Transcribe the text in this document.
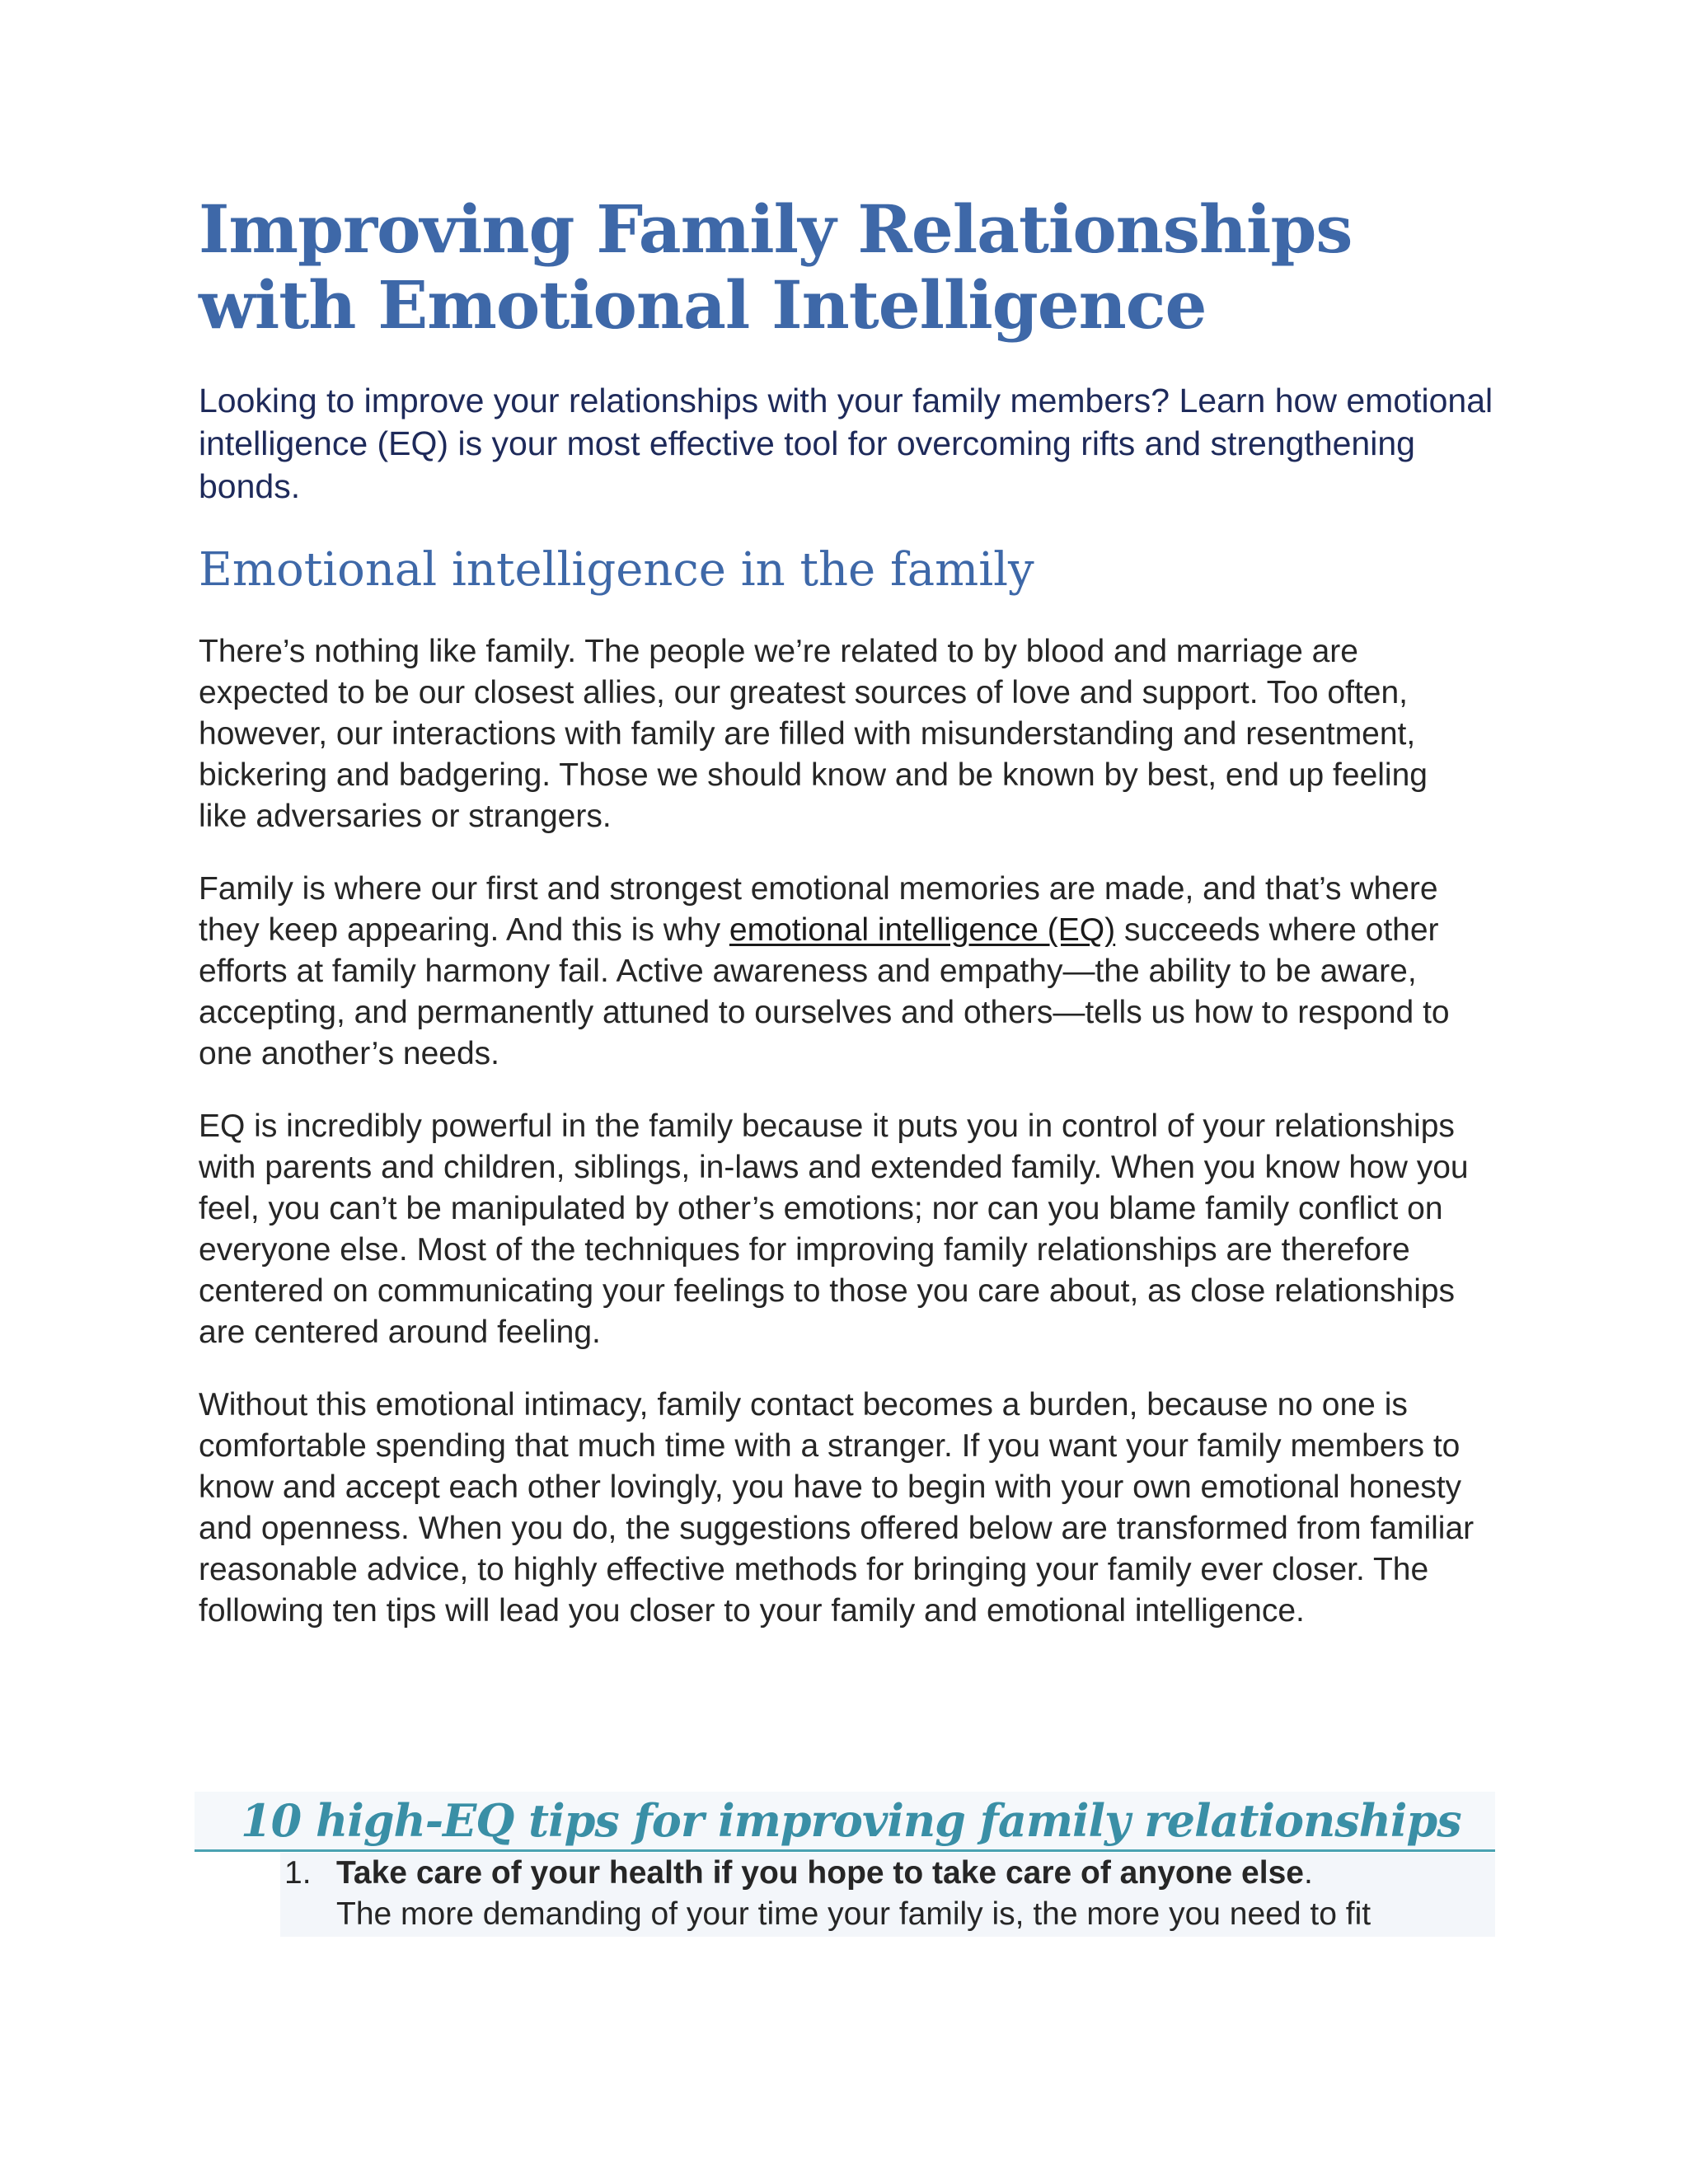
Improving Family Relationships with Emotional Intelligence

Looking to improve your relationships with your family members? Learn how emotional intelligence (EQ) is your most effective tool for overcoming rifts and strengthening bonds.

Emotional intelligence in the family

There’s nothing like family. The people we’re related to by blood and marriage are expected to be our closest allies, our greatest sources of love and support. Too often, however, our interactions with family are filled with misunderstanding and resentment, bickering and badgering. Those we should know and be known by best, end up feeling like adversaries or strangers.

Family is where our first and strongest emotional memories are made, and that’s where they keep appearing. And this is why emotional intelligence (EQ) succeeds where other efforts at family harmony fail. Active awareness and empathy—the ability to be aware, accepting, and permanently attuned to ourselves and others—tells us how to respond to one another’s needs.

EQ is incredibly powerful in the family because it puts you in control of your relationships with parents and children, siblings, in-laws and extended family. When you know how you feel, you can’t be manipulated by other’s emotions; nor can you blame family conflict on everyone else. Most of the techniques for improving family relationships are therefore centered on communicating your feelings to those you care about, as close relationships are centered around feeling.

Without this emotional intimacy, family contact becomes a burden, because no one is comfortable spending that much time with a stranger. If you want your family members to know and accept each other lovingly, you have to begin with your own emotional honesty and openness. When you do, the suggestions offered below are transformed from familiar reasonable advice, to highly effective methods for bringing your family ever closer. The following ten tips will lead you closer to your family and emotional intelligence.

10 high-EQ tips for improving family relationships
1. Take care of your health if you hope to take care of anyone else.
The more demanding of your time your family is, the more you need to fit
